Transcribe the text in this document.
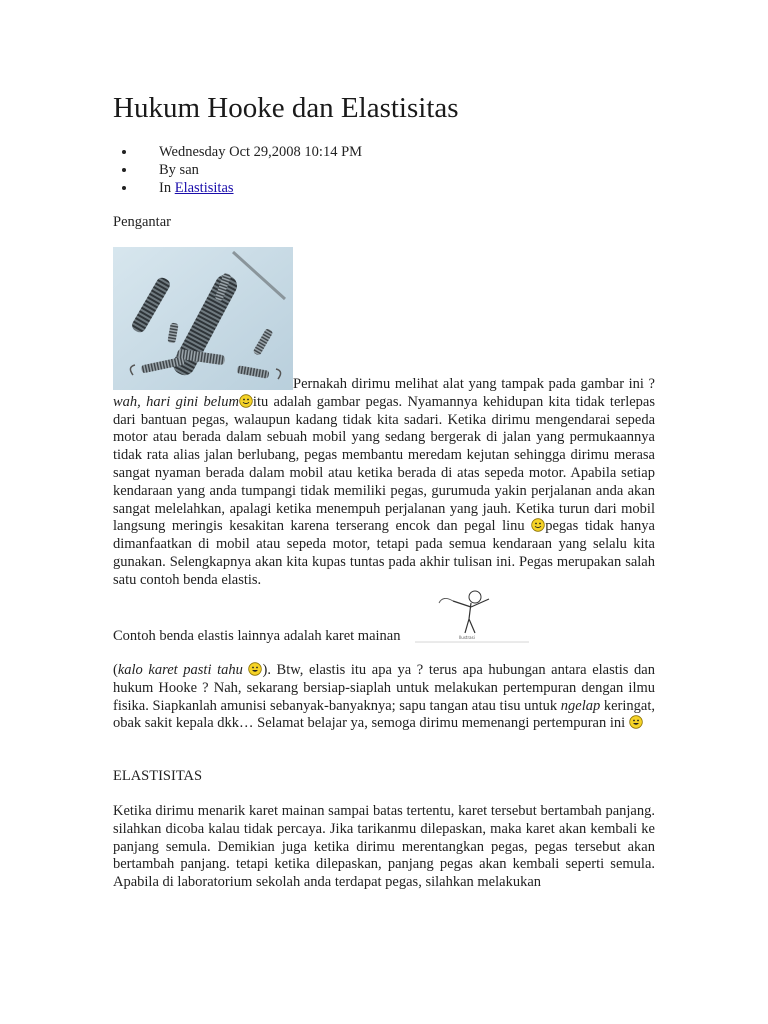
Hukum Hooke dan Elastisitas
• Wednesday Oct 29,2008 10:14 PM
• By san
• In Elastisitas
Pengantar
Pernakah dirimu melihat alat yang tampak pada gambar ini ? wah, hari gini belum itu adalah gambar pegas. Nyamannya kehidupan kita tidak terlepas dari bantuan pegas, walaupun kadang tidak kita sadari. Ketika dirimu mengendarai sepeda motor atau berada dalam sebuah mobil yang sedang bergerak di jalan yang permukaannya tidak rata alias jalan berlubang, pegas membantu meredam kejutan sehingga dirimu merasa sangat nyaman berada dalam mobil atau ketika berada di atas sepeda motor. Apabila setiap kendaraan yang anda tumpangi tidak memiliki pegas, gurumuda yakin perjalanan anda akan sangat melelahkan, apalagi ketika menempuh perjalanan yang jauh. Ketika turun dari mobil langsung meringis kesakitan karena terserang encok dan pegal linu pegas tidak hanya dimanfaatkan di mobil atau sepeda motor, tetapi pada semua kendaraan yang selalu kita gunakan. Selengkapnya akan kita kupas tuntas pada akhir tulisan ini. Pegas merupakan salah satu contoh benda elastis.
Ilustrasi
Contoh benda elastis lainnya adalah karet mainan
(kalo karet pasti tahu ). Btw, elastis itu apa ya ? terus apa hubungan antara elastis dan hukum Hooke ? Nah, sekarang bersiap-siaplah untuk melakukan pertempuran dengan ilmu fisika. Siapkanlah amunisi sebanyak-banyaknya; sapu tangan atau tisu untuk ngelap keringat, obak sakit kepala dkk… Selamat belajar ya, semoga dirimu memenangi pertempuran ini
ELASTISITAS
Ketika dirimu menarik karet mainan sampai batas tertentu, karet tersebut bertambah panjang. silahkan dicoba kalau tidak percaya. Jika tarikanmu dilepaskan, maka karet akan kembali ke panjang semula. Demikian juga ketika dirimu merentangkan pegas, pegas tersebut akan bertambah panjang. tetapi ketika dilepaskan, panjang pegas akan kembali seperti semula. Apabila di laboratorium sekolah anda terdapat pegas, silahkan melakukan
